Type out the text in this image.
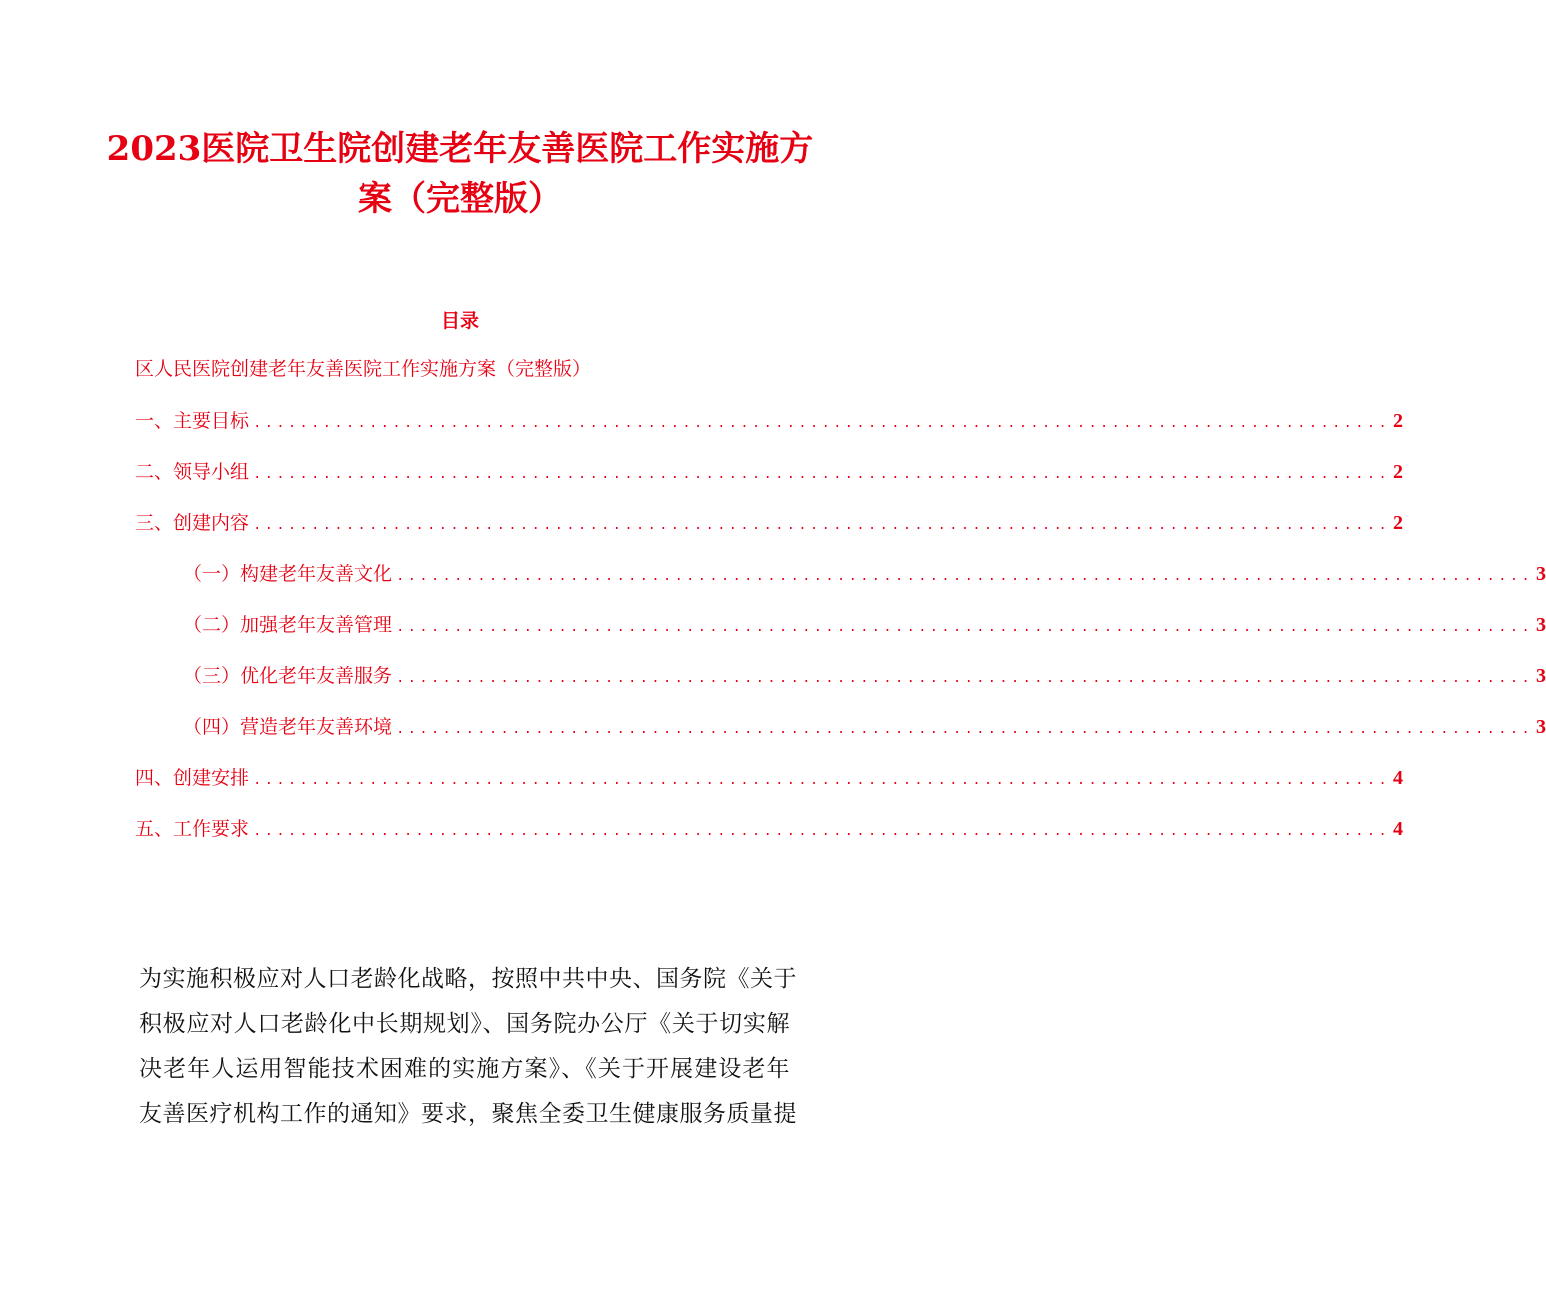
2023医院卫生院创建老年友善医院工作实施方
案（完整版）
目录
区人民医院创建老年友善医院工作实施方案（完整版）
一、主要目标 .................................................................................................. 2
二、领导小组 .................................................................................................. 2
三、创建内容 .................................................................................................. 2
（一）构建老年友善文化 .................................................................................................. 3
（二）加强老年友善管理 .................................................................................................. 3
（三）优化老年友善服务 .................................................................................................. 3
（四）营造老年友善环境 .................................................................................................. 3
四、创建安排 .................................................................................................. 4
五、工作要求 .................................................................................................. 4
为实施积极应对人口老龄化战略，按照中共中央、国务院《关于
积极应对人口老龄化中长期规划》、国务院办公厅《关于切实解
决老年人运用智能技术困难的实施方案》、《关于开展建设老年
友善医疗机构工作的通知》要求，聚焦全委卫生健康服务质量提
